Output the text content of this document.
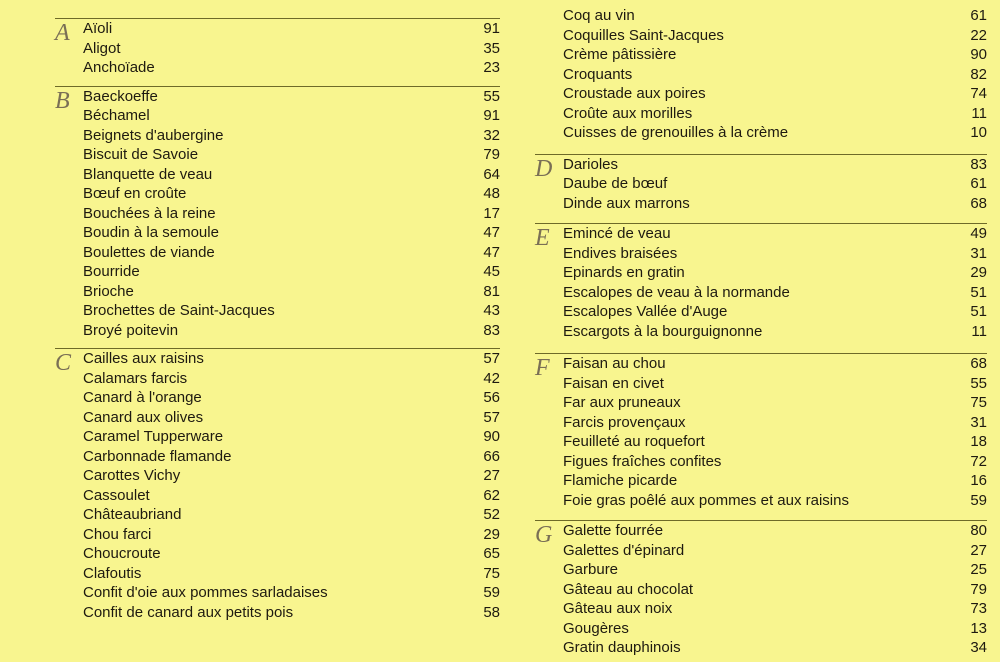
A Aïoli	91
Aligot	35
Anchoïade	23
B Baeckoeffe	55
Béchamel	91
Beignets d'aubergine	32
Biscuit de Savoie	79
Blanquette de veau	64
Bœuf en croûte	48
Bouchées à la reine	17
Boudin à la semoule	47
Boulettes de viande	47
Bourride	45
Brioche	81
Brochettes de Saint-Jacques	43
Broyé poitevin	83
C Cailles aux raisins	57
Calamars farcis	42
Canard à l'orange	56
Canard aux olives	57
Caramel Tupperware	90
Carbonnade flamande	66
Carottes Vichy	27
Cassoulet	62
Châteaubriand	52
Chou farci	29
Choucroute	65
Clafoutis	75
Confit d'oie aux pommes sarladaises	59
Confit de canard aux petits pois	58
Coq au vin	61
Coquilles Saint-Jacques	22
Crème pâtissière	90
Croquants	82
Croustade aux poires	74
Croûte aux morilles	11
Cuisses de grenouilles à la crème	10
D Darioles	83
Daube de bœuf	61
Dinde aux marrons	68
E Emincé de veau	49
Endives braisées	31
Epinards en gratin	29
Escalopes de veau à la normande	51
Escalopes Vallée d'Auge	51
Escargots à la bourguignonne	11
F Faisan au chou	68
Faisan en civet	55
Far aux pruneaux	75
Farcis provençaux	31
Feuilleté au roquefort	18
Figues fraîches confites	72
Flamiche picarde	16
Foie gras poêlé aux pommes et aux raisins	59
G Galette fourrée	80
Galettes d'épinard	27
Garbure	25
Gâteau au chocolat	79
Gâteau aux noix	73
Gougères	13
Gratin dauphinois	34
